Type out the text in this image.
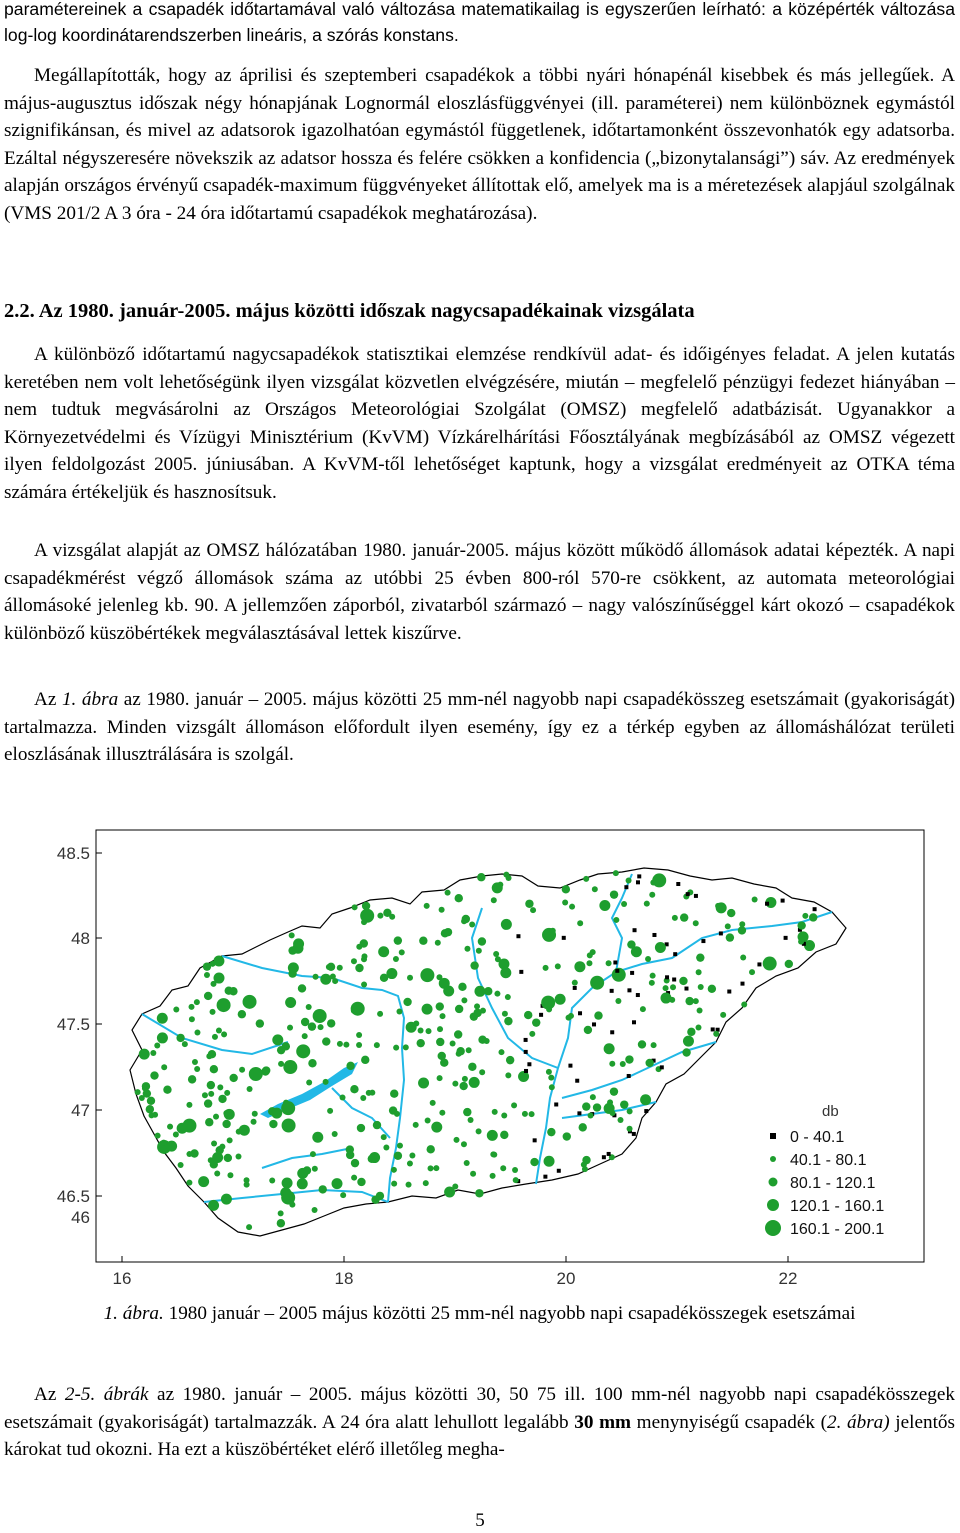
paramétereinek a csapadék időtartamával való változása matematikailag is egyszerűen leírható: a középérték változása log-log koordinátarendszerben lineáris, a szórás konstans.

Megállapították, hogy az áprilisi és szeptemberi csapadékok a többi nyári hónapénál kisebbek és más jellegűek. A május-augusztus időszak négy hónapjának Lognormál eloszlásfüggvényei (ill. paraméterei) nem különböznek egymástól szignifikánsan, és mivel az adatsorok igazolhatóan egymástól függetlenek, időtartamonként összevonhatók egy adatsorba. Ezáltal négyszeresére növekszik az adatsor hossza és felére csökken a konfidencia („bizonytalansági”) sáv. Az eredmények alapján országos érvényű csapadék-maximum függvényeket állítottak elő, amelyek ma is a méretezések alapjául szolgálnak (VMS 201/2 A 3 óra - 24 óra időtartamú csapadékok meghatározása).

2.2. Az 1980. január-2005. május közötti időszak nagycsapadékainak vizsgálata

A különböző időtartamú nagycsapadékok statisztikai elemzése rendkívül adat- és időigényes feladat. A jelen kutatás keretében nem volt lehetőségünk ilyen vizsgálat közvetlen elvégzésére, miután – megfelelő pénzügyi fedezet hiányában – nem tudtuk megvásárolni az Országos Meteorológiai Szolgálat (OMSZ) megfelelő adatbázisát. Ugyanakkor a Környezetvédelmi és Vízügyi Minisztérium (KvVM) Vízkárelhárítási Főosztályának megbízásából az OMSZ végezett ilyen feldolgozást 2005. júniusában. A KvVM-től lehetőséget kaptunk, hogy a vizsgálat eredményeit az OTKA téma számára értékeljük és hasznosítsuk.

A vizsgálat alapját az OMSZ hálózatában 1980. január-2005. május között működő állomások adatai képezték. A napi csapadékmérést végző állomások száma az utóbbi 25 évben 800-ról 570-re csökkent, az automata meteorológiai állomásoké jelenleg kb. 90. A jellemzően záporból, zivatarból származó – nagy valószínűséggel kárt okozó – csapadékok különböző küszöbértékek megválasztásával lettek kiszűrve.

Az 1. ábra az 1980. január – 2005. május közötti 25 mm-nél nagyobb napi csapadékösszeg esetszámait (gyakoriságát) tartalmazza. Minden vizsgált állomáson előfordult ilyen esemény, így ez a térkép egyben az állomáshálózat területi eloszlásának illusztrálására is szolgál.

48.5
48
47.5
47
46.5
46
16	18	20	22
db
0 - 40.1
40.1 - 80.1
80.1 - 120.1
120.1 - 160.1
160.1 - 200.1

1. ábra. 1980 január – 2005 május közötti 25 mm-nél nagyobb napi csapadékösszegek esetszámai

Az 2-5. ábrák az 1980. január – 2005. május közötti 30, 50 75 ill. 100 mm-nél nagyobb napi csapadékösszegek esetszámait (gyakoriságát) tartalmazzák. A 24 óra alatt lehullott legalább 30 mm menynyiségű csapadék (2. ábra) jelentős károkat tud okozni. Ha ezt a küszöbértéket elérő illetőleg megha-

5
